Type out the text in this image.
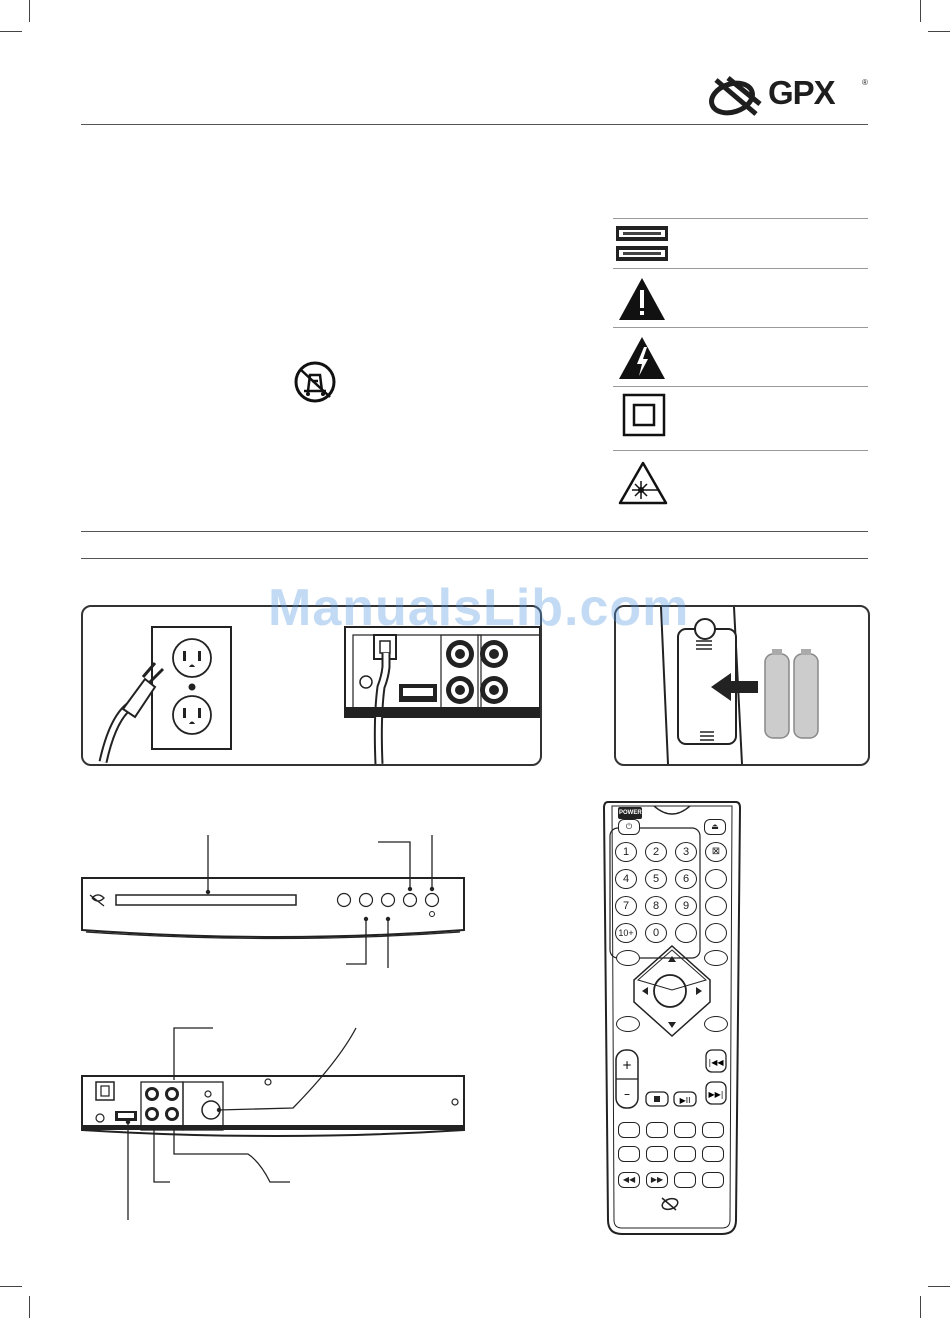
GPX	®
ManualsLib.com
+
–
|◀◀
▶▶|
▶II
POWER
⏻	⏏
1	2	3	⊠
4	5	6
7	8	9
10+	0
◀◀	▶▶
